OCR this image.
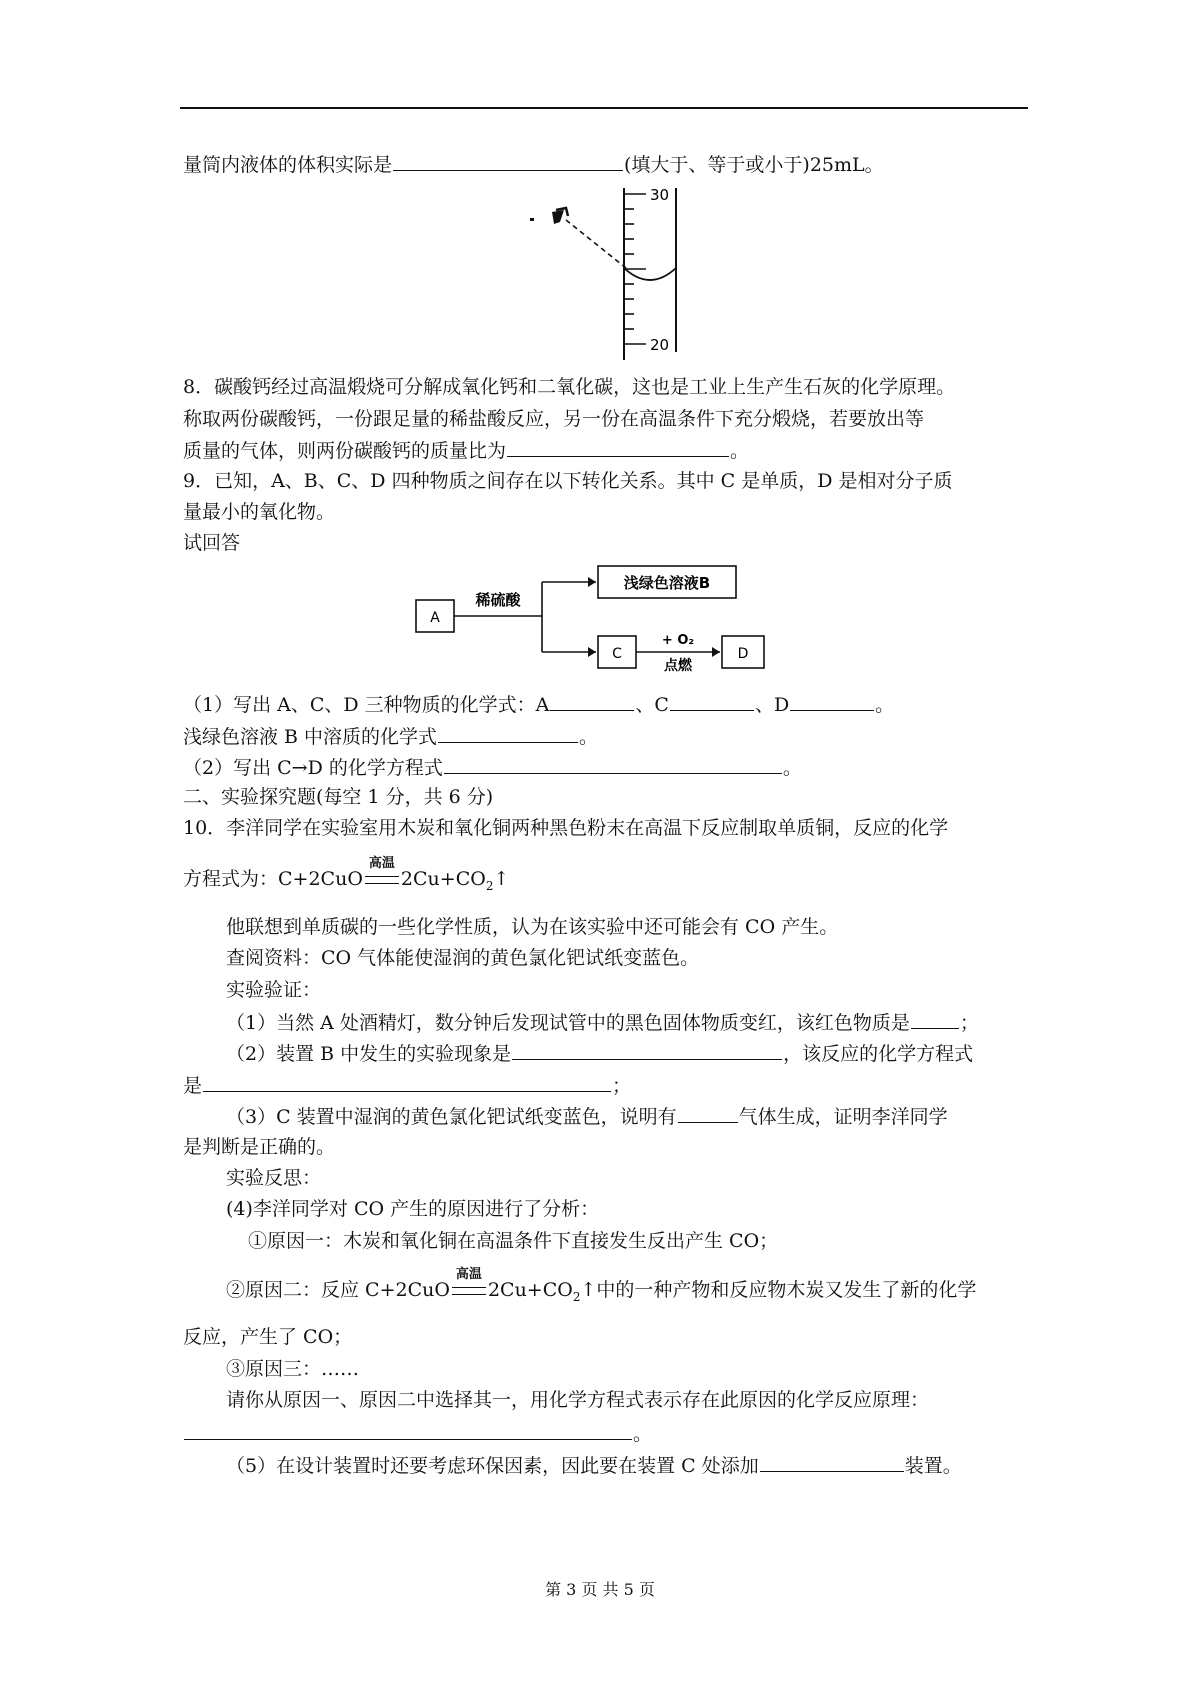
量筒内液体的体积实际是	(填大于、等于或小于)25mL。
30
20
8．碳酸钙经过高温煅烧可分解成氧化钙和二氧化碳，这也是工业上生产生石灰的化学原理。
称取两份碳酸钙，一份跟足量的稀盐酸反应，另一份在高温条件下充分煅烧，若要放出等
质量的气体，则两份碳酸钙的质量比为	。
9．已知，A、B、C、D 四种物质之间存在以下转化关系。其中 C 是单质，D 是相对分子质
量最小的氧化物。
试回答
A
稀硫酸
浅绿色溶液B
C
+ O₂
点燃
D
（1）写出 A、C、D 三种物质的化学式：A	、C	、D	。
浅绿色溶液 B 中溶质的化学式	。
（2）写出 C→D 的化学方程式	。
二、实验探究题(每空 1 分，共 6 分)
10．李洋同学在实验室用木炭和氧化铜两种黑色粉末在高温下反应制取单质铜，反应的化学
方程式为：C+2CuO
高温
$2Cu+CO_2↑$
他联想到单质碳的一些化学性质，认为在该实验中还可能会有 CO 产生。
查阅资料：CO 气体能使湿润的黄色氯化钯试纸变蓝色。
实验验证：
（1）当然 A 处酒精灯，数分钟后发现试管中的黑色固体物质变红，该红色物质是	；
（2）装置 B 中发生的实验现象是	，该反应的化学方程式
是	；
（3）C 装置中湿润的黄色氯化钯试纸变蓝色，说明有	气体生成，证明李洋同学
是判断是正确的。
实验反思：
(4)李洋同学对 CO 产生的原因进行了分析：
①原因一：木炭和氧化铜在高温条件下直接发生反出产生 CO；
②原因二：反应 C+2CuO
高温
$2Cu+CO_2↑$中的一种产物和反应物木炭又发生了新的化学
反应，产生了 CO；
③原因三：……
请你从原因一、原因二中选择其一，用化学方程式表示存在此原因的化学反应原理：
。
（5）在设计装置时还要考虑环保因素，因此要在装置 C 处添加	装置。
第 3 页 共 5 页
